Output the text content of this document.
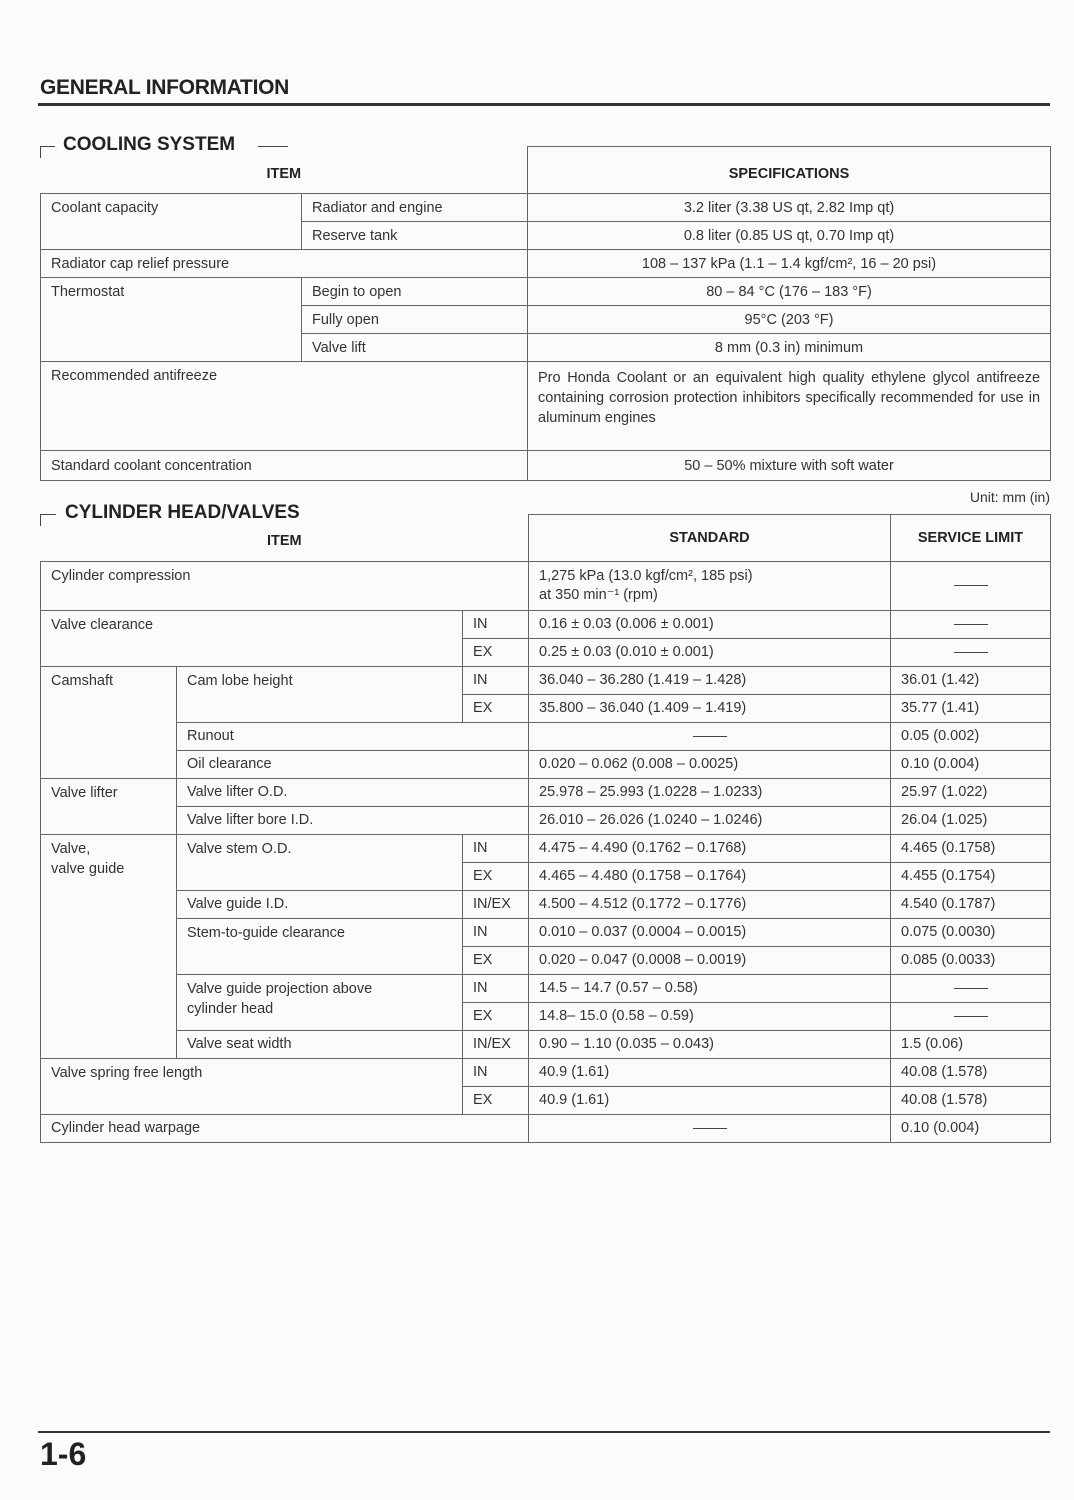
GENERAL INFORMATION
COOLING SYSTEM
ITEM		SPECIFICATIONS
Coolant capacity	Radiator and engine	3.2 liter (3.38 US qt, 2.82 Imp qt)
	Reserve tank	0.8 liter (0.85 US qt, 0.70 Imp qt)
Radiator cap relief pressure		108 – 137 kPa (1.1 – 1.4 kgf/cm², 16 – 20 psi)
Thermostat	Begin to open	80 – 84 °C (176 – 183 °F)
	Fully open	95°C (203 °F)
	Valve lift	8 mm (0.3 in) minimum
Recommended antifreeze		Pro Honda Coolant or an equivalent high quality ethylene glycol antifreeze containing corrosion protection inhibitors specifically recommended for use in aluminum engines
Standard coolant concentration		50 – 50% mixture with soft water
Unit: mm (in)
CYLINDER HEAD/VALVES
ITEM			STANDARD	SERVICE LIMIT
Cylinder compression			1,275 kPa (13.0 kgf/cm², 185 psi)
at 350 min⁻¹ (rpm)	

Valve clearance		IN	0.16 ± 0.03 (0.006 ± 0.001)	
		EX	0.25 ± 0.03 (0.010 ± 0.001)	
Camshaft	Cam lobe height	IN	36.040 – 36.280 (1.419 – 1.428)	36.01 (1.42)
		EX	35.800 – 36.040 (1.409 – 1.419)	35.77 (1.41)
	Runout			0.05 (0.002)
	Oil clearance		0.020 – 0.062 (0.008 – 0.0025)	0.10 (0.004)
Valve lifter	Valve lifter O.D.		25.978 – 25.993 (1.0228 – 1.0233)	25.97 (1.022)
	Valve lifter bore I.D.		26.010 – 26.026 (1.0240 – 1.0246)	26.04 (1.025)

Valve,
valve guide	Valve stem O.D.	IN	4.475 – 4.490 (0.1762 – 0.1768)	4.465 (0.1758)
		EX	4.465 – 4.480 (0.1758 – 0.1764)	4.455 (0.1754)
	Valve guide I.D.	IN/EX	4.500 – 4.512 (0.1772 – 0.1776)	4.540 (0.1787)
	Stem-to-guide clearance	IN	0.010 – 0.037 (0.0004 – 0.0015)	0.075 (0.0030)
		EX	0.020 – 0.047 (0.0008 – 0.0019)	0.085 (0.0033)

	Valve guide projection above
cylinder head	IN	14.5 – 14.7 (0.57 – 0.58)	
		EX	14.8– 15.0 (0.58 – 0.59)	
	Valve seat width	IN/EX	0.90 – 1.10 (0.035 – 0.043)	1.5 (0.06)
Valve spring free length		IN	40.9 (1.61)	40.08 (1.578)
		EX	40.9 (1.61)	40.08 (1.578)
Cylinder head warpage				0.10 (0.004)
1-6
